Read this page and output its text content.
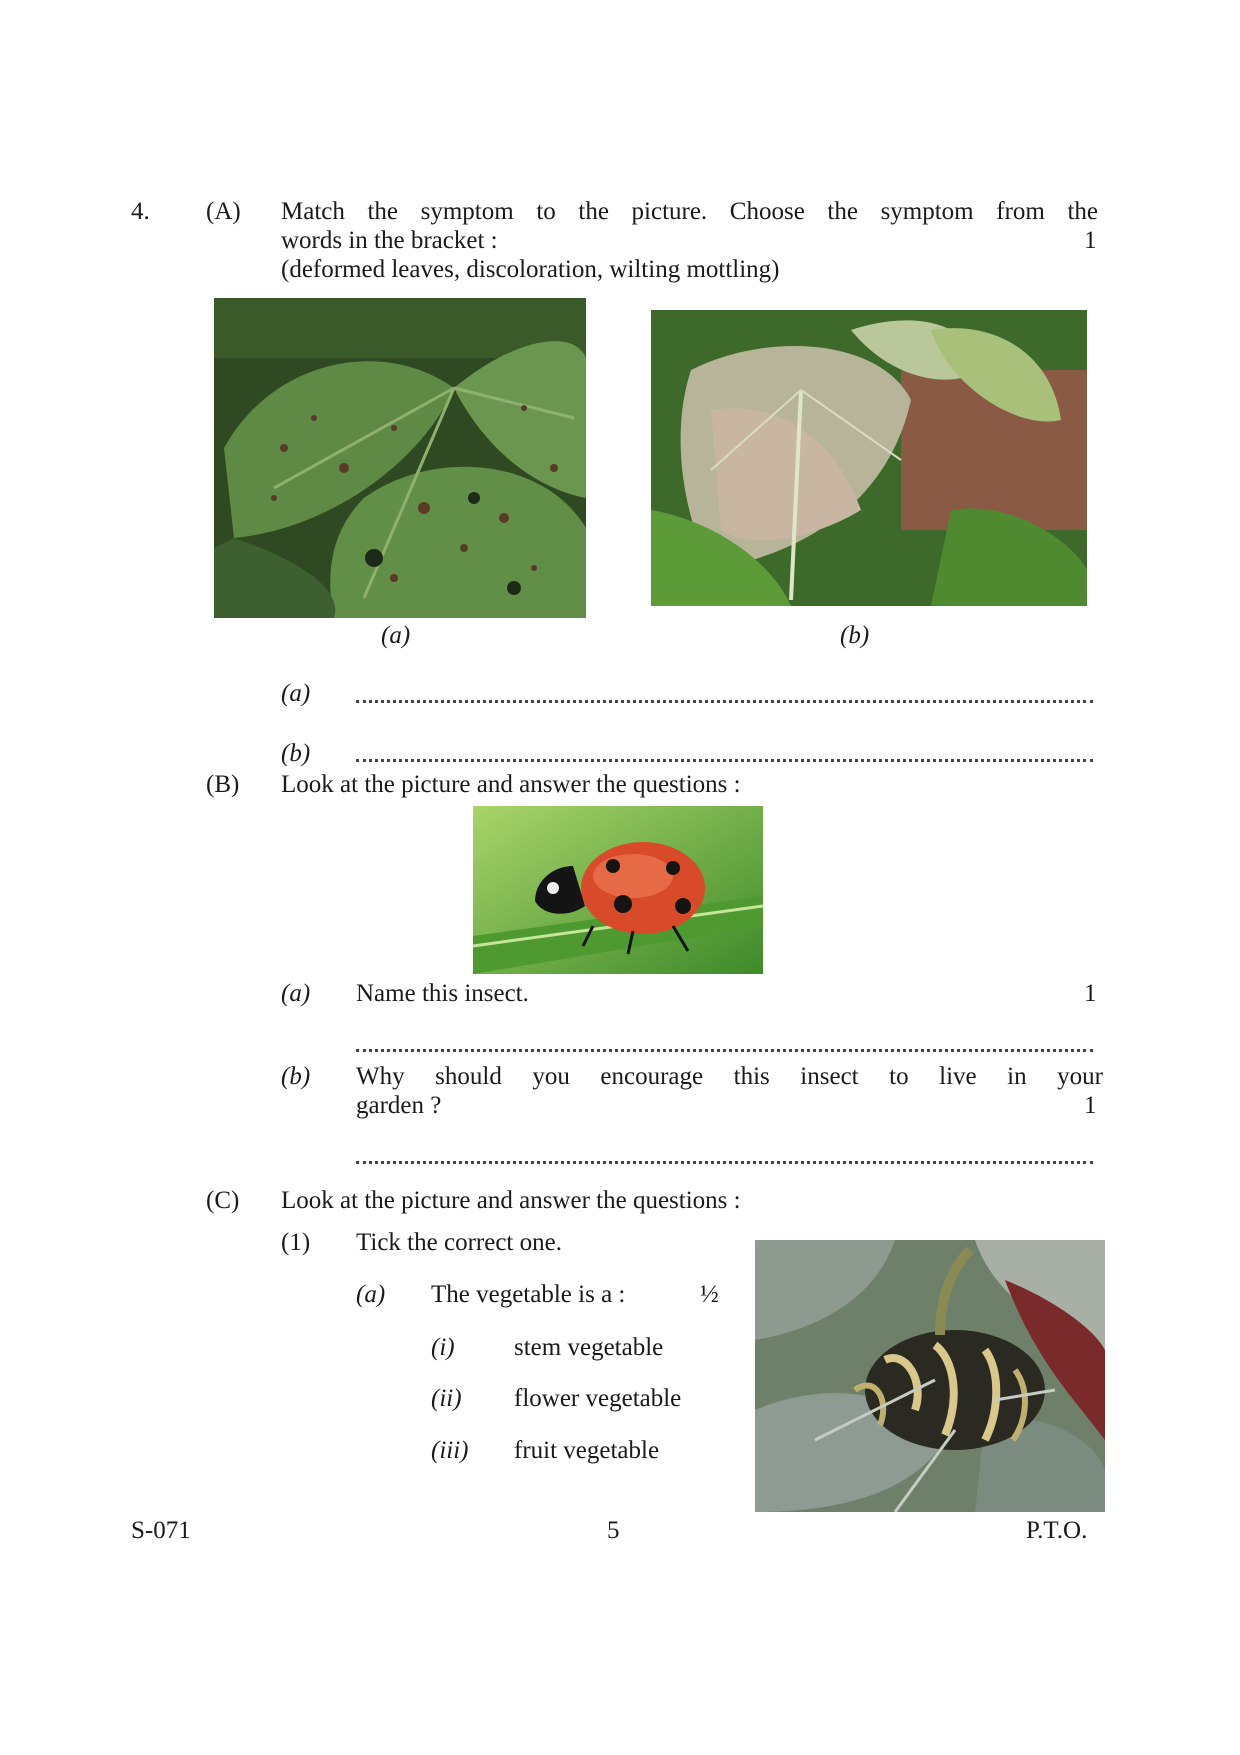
4. (A) Match the symptom to the picture. Choose the symptom from the
words in the bracket :	1
(deformed leaves, discoloration, wilting mottling)
(a)	(b)
(a)
(b)
(B) Look at the picture and answer the questions :
(a) Name this insect.	1
(b) Why should you encourage this insect to live in your
garden ?	1
(C) Look at the picture and answer the questions :
(1) Tick the correct one.
(a) The vegetable is a :	½
(i) stem vegetable
(ii) flower vegetable
(iii) fruit vegetable
S-071	5	P.T.O.
